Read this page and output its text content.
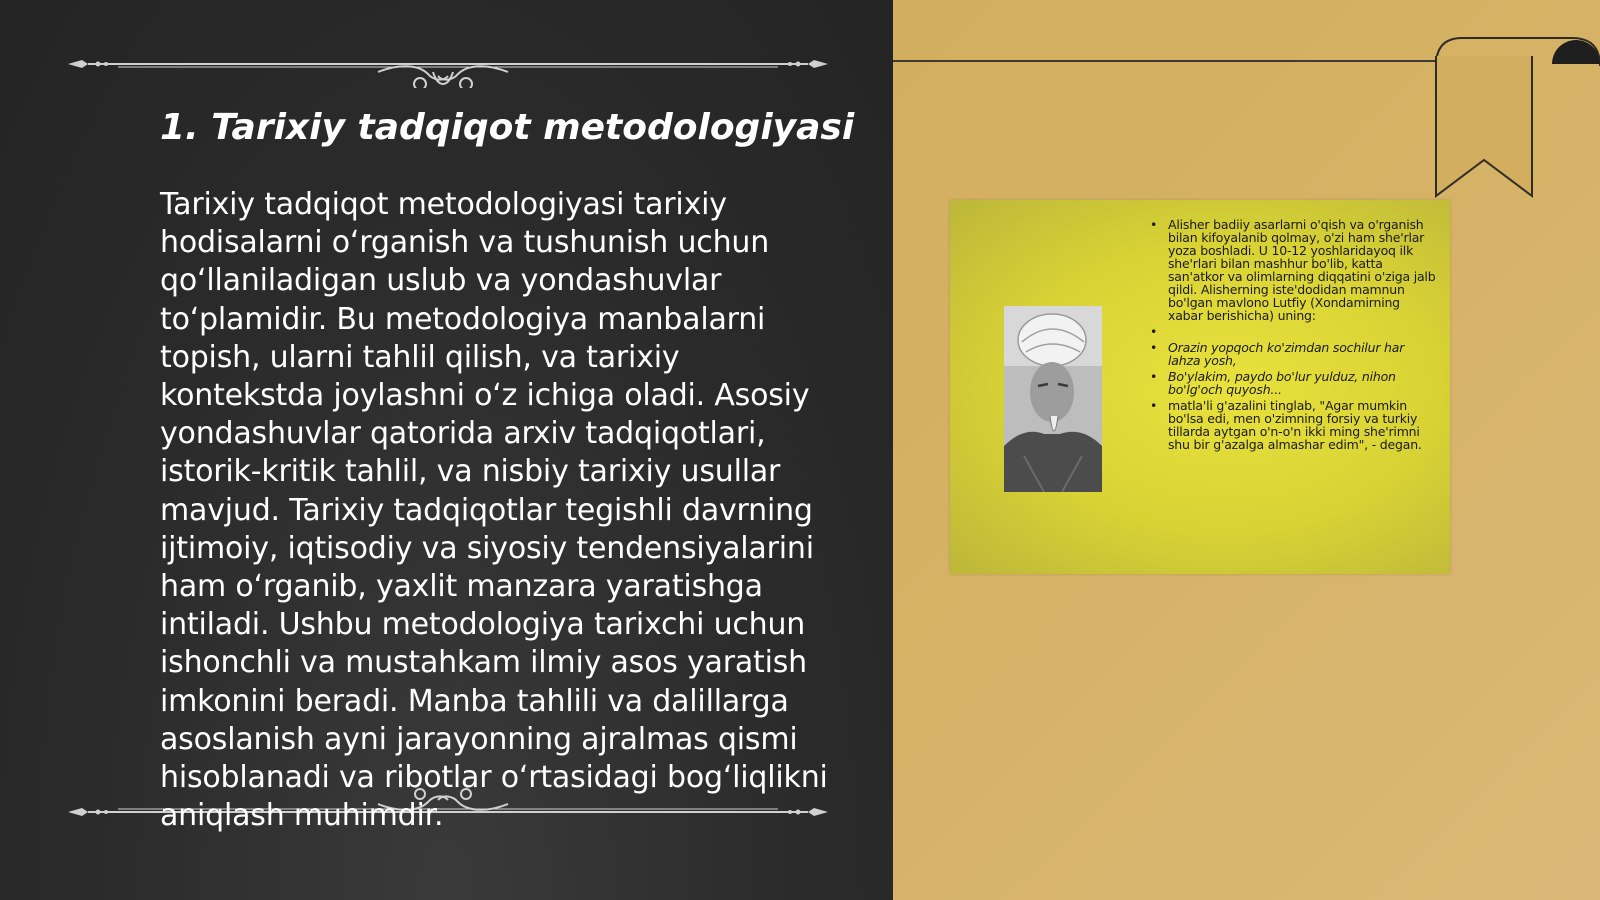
1. Tarixiy tadqiqot metodologiyasi

Tarixiy tadqiqot metodologiyasi tarixiy hodisalarni o‘rganish va tushunish uchun qo‘llaniladigan uslub va yondashuvlar to‘plamidir. Bu metodologiya manbalarni topish, ularni tahlil qilish, va tarixiy kontekstda joylashni o‘z ichiga oladi. Asosiy yondashuvlar qatorida arxiv tadqiqotlari, istorik-kritik tahlil, va nisbiy tarixiy usullar mavjud. Tarixiy tadqiqotlar tegishli davrning ijtimoiy, iqtisodiy va siyosiy tendensiyalarini ham o‘rganib, yaxlit manzara yaratishga intiladi. Ushbu metodologiya tarixchi uchun ishonchli va mustahkam ilmiy asos yaratish imkonini beradi. Manba tahlili va dalillarga asoslanish ayni jarayonning ajralmas qismi hisoblanadi va ribotlar o‘rtasidagi bog‘liqlikni aniqlash muhimdir.

• Alisher badiiy asarlarni o'qish va o'rganish bilan kifoyalanib qolmay, o'zi ham she'rlar yoza boshladi. U 10-12 yoshlaridayoq ilk she'rlari bilan mashhur bo'lib, katta san'atkor va olimlarning diqqatini o'ziga jalb qildi. Alisherning iste'dodidan mamnun bo'lgan mavlono Lutfiy (Xondamirning xabar berishicha) uning:
•
• Orazin yopqoch ko'zimdan sochilur har lahza yosh,
• Bo'ylakim, paydo bo'lur yulduz, nihon bo'lg'och quyosh...
• matla'li g'azalini tinglab, "Agar mumkin bo'lsa edi, men o'zimning forsiy va turkiy tillarda aytgan o'n-o'n ikki ming she'rimni shu bir g'azalga almashar edim", - degan.
